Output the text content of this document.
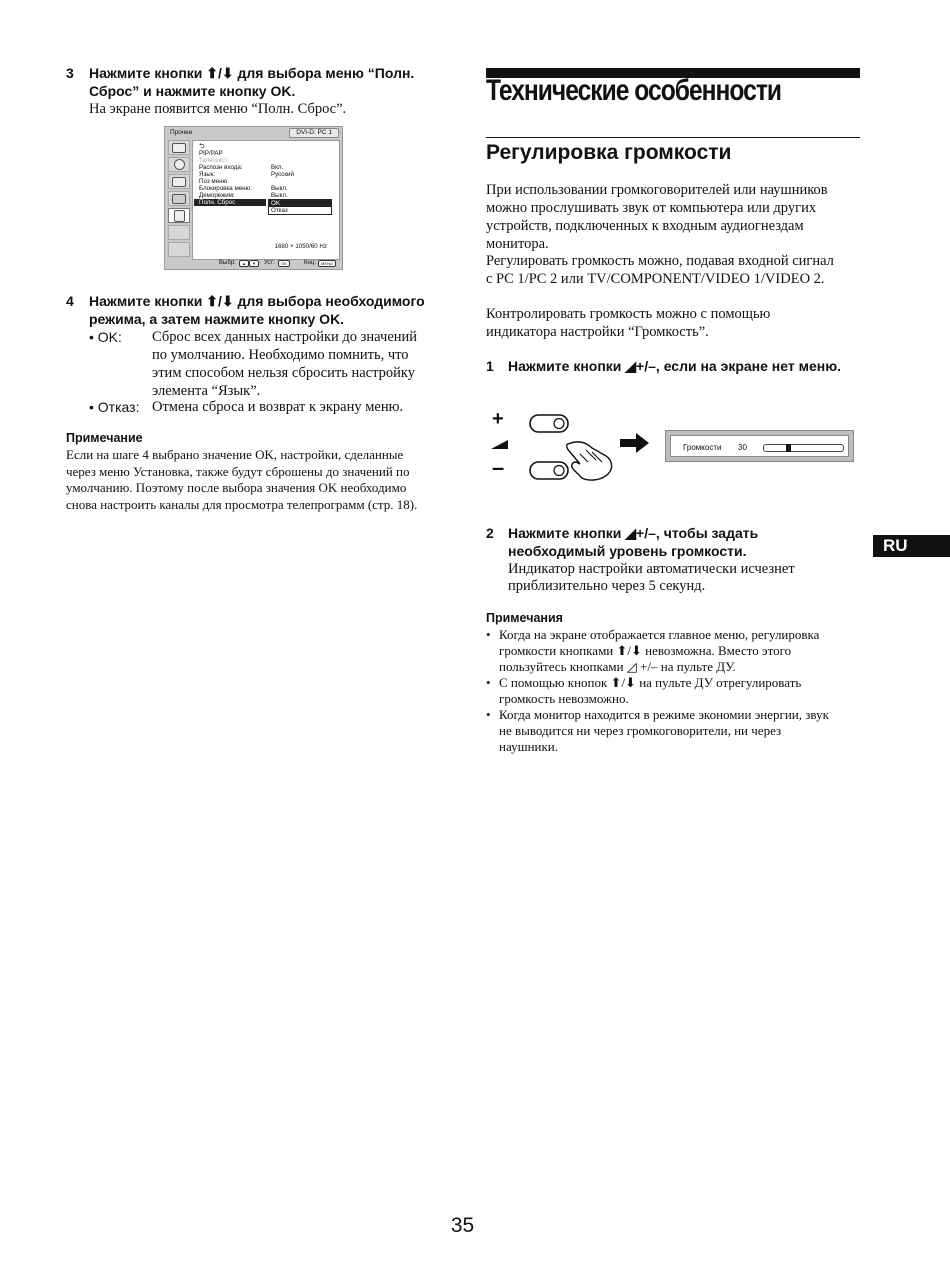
3 Нажмите кнопки ⬆/⬇ для выбора меню “Полн.
Сброс” и нажмите кнопку OK.
На экране появится меню “Полн. Сброс”.
Прочее	DVI-D: PC 1
⮌
PIP/PAP
Телетекст:
Распозн входа:	Вкл.
Язык:	Русский
Поз меню
Блокировка меню:	Выкл.
Деморежим:	Выкл.
Полн. Сброс	OK
Отказ
1680 × 1050/60 Hz
Выбр:	▲ ▼	Уст:	OK	Кнц:	MENU
4 Нажмите кнопки ⬆/⬇ для выбора необходимого
режима, а затем нажмите кнопку OK.
• OK: Сброс всех данных настройки до значений
по умолчанию. Необходимо помнить, что
этим способом нельзя сбросить настройку
элемента “Язык”.
• Отказ: Отмена сброса и возврат к экрану меню.
Примечание
Если на шаге 4 выбрано значение OK, настройки, сделанные
через меню Установка, также будут сброшены до значений по
умолчанию. Поэтому после выбора значения OK необходимо
снова настроить каналы для просмотра телепрограмм (стр. 18).
Технические особенности
Регулировка громкости
При использовании громкоговорителей или наушников
можно прослушивать звук от компьютера или других
устройств, подключенных к входным аудиогнездам
монитора.
Регулировать громкость можно, подавая входной сигнал
с PC 1/PC 2 или TV/COMPONENT/VIDEO 1/VIDEO 2.
Контролировать громкость можно с помощью
индикатора настройки “Громкость”.
1 Нажмите кнопки ◢+/–, если на экране нет меню.
+
–
Громкости 30
2 Нажмите кнопки ◢+/–, чтобы задать
необходимый уровень громкости.
Индикатор настройки автоматически исчезнет
приблизительно через 5 секунд.
RU
Примечания
• Когда на экране отображается главное меню, регулировка
громкости кнопками ⬆/⬇ невозможна. Вместо этого
пользуйтесь кнопками ◿ +/– на пульте ДУ.
• С помощью кнопок ⬆/⬇ на пульте ДУ отрегулировать
громкость невозможно.
• Когда монитор находится в режиме экономии энергии, звук
не выводится ни через громкоговорители, ни через
наушники.
35
